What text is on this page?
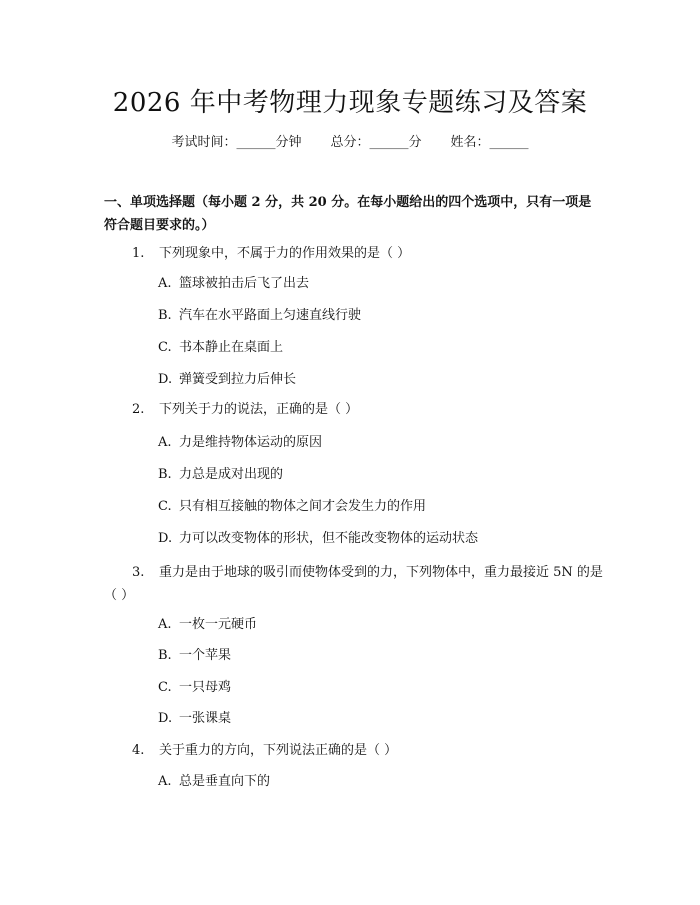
2026 年中考物理力现象专题练习及答案
考试时间：______分钟 总分：______分 姓名：______
一、单项选择题（每小题 2 分，共 20 分。在每小题给出的四个选项中，只有一项是符合题目要求的。）
1. 下列现象中，不属于力的作用效果的是（ ）
A. 篮球被拍击后飞了出去
B. 汽车在水平路面上匀速直线行驶
C. 书本静止在桌面上
D. 弹簧受到拉力后伸长
2. 下列关于力的说法，正确的是（ ）
A. 力是维持物体运动的原因
B. 力总是成对出现的
C. 只有相互接触的物体之间才会发生力的作用
D. 力可以改变物体的形状，但不能改变物体的运动状态
3. 重力是由于地球的吸引而使物体受到的力，下列物体中，重力最接近 5N 的是（ ）
A. 一枚一元硬币
B. 一个苹果
C. 一只母鸡
D. 一张课桌
4. 关于重力的方向，下列说法正确的是（ ）
A. 总是垂直向下的
